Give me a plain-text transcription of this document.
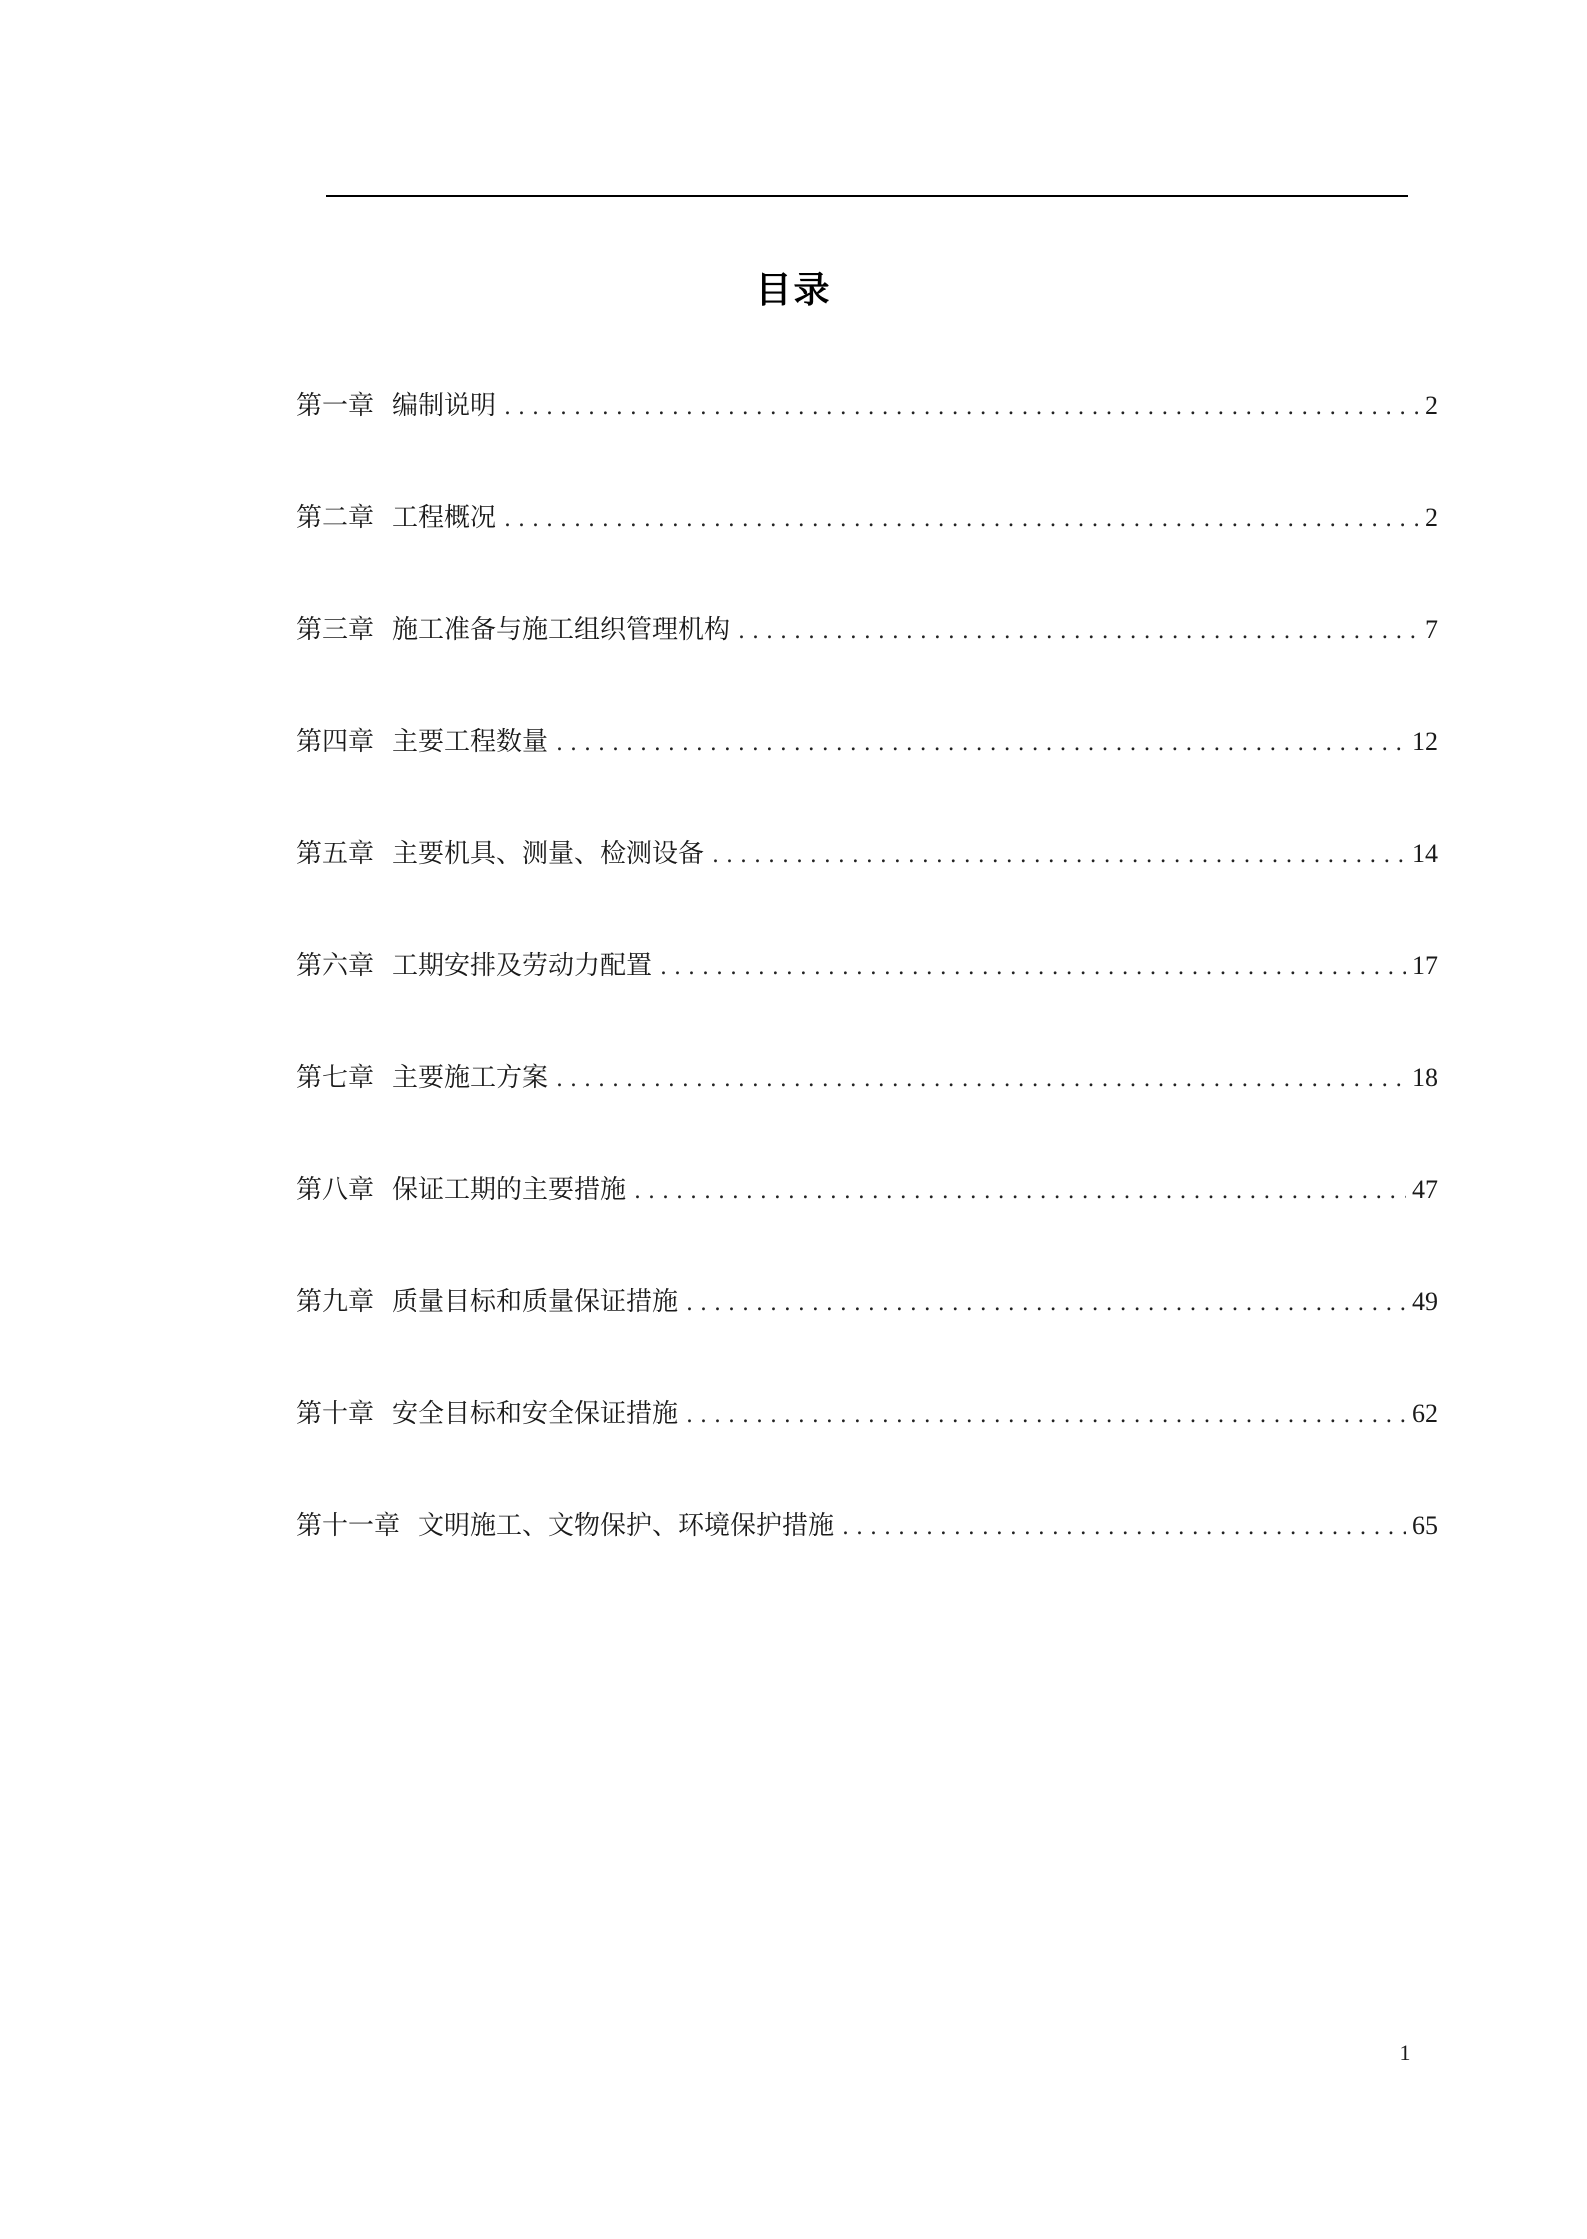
目录
第一章 编制说明 . . .	2
第二章 工程概况 . . .	2
第三章 施工准备与施工组织管理机构 . . .	7
第四章 主要工程数量 . . .	12
第五章 主要机具、测量、检测设备 . . .	14
第六章 工期安排及劳动力配置 . . .	17
第七章 主要施工方案 . . .	18
第八章 保证工期的主要措施 . . .	47
第九章 质量目标和质量保证措施 . . .	49
第十章 安全目标和安全保证措施 . . .	62
第十一章 文明施工、文物保护、环境保护措施 . . .	65
1
